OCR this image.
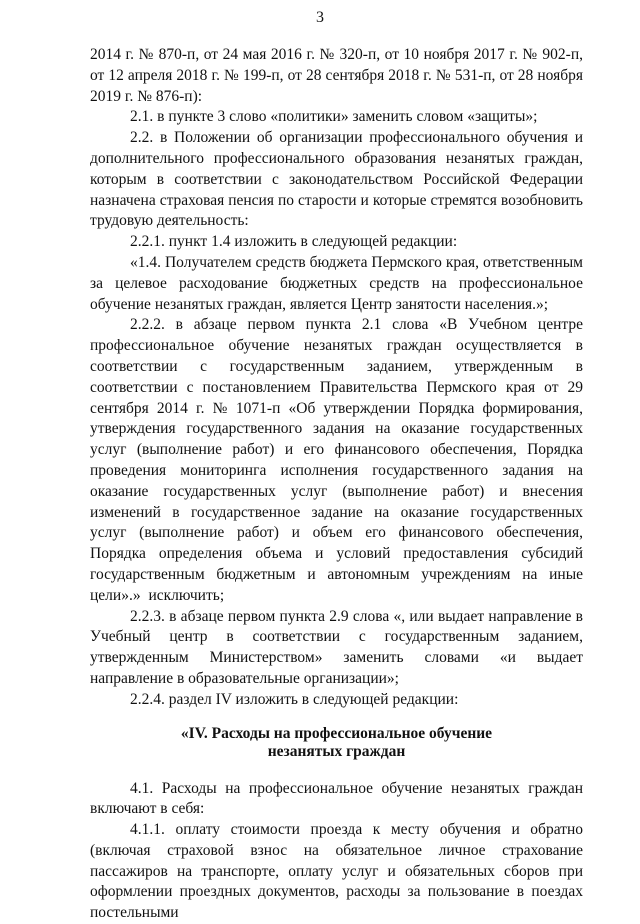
3

2014 г. № 870-п, от 24 мая 2016 г. № 320-п, от 10 ноября 2017 г. № 902-п, от 12 апреля 2018 г. № 199-п, от 28 сентября 2018 г. № 531-п, от 28 ноября 2019 г. № 876-п):

2.1. в пункте 3 слово «политики» заменить словом «защиты»;

2.2. в Положении об организации профессионального обучения и дополнительного профессионального образования незанятых граждан, которым в соответствии с законодательством Российской Федерации назначена страховая пенсия по старости и которые стремятся возобновить трудовую деятельность:

2.2.1. пункт 1.4 изложить в следующей редакции:

«1.4. Получателем средств бюджета Пермского края, ответственным за целевое расходование бюджетных средств на профессиональное обучение незанятых граждан, является Центр занятости населения.»;

2.2.2. в абзаце первом пункта 2.1 слова «В Учебном центре профессиональное обучение незанятых граждан осуществляется в соответствии с государственным заданием, утвержденным в соответствии с постановлением Правительства Пермского края от 29 сентября 2014 г. № 1071-п «Об утверждении Порядка формирования, утверждения государственного задания на оказание государственных услуг (выполнение работ) и его финансового обеспечения, Порядка проведения мониторинга исполнения государственного задания на оказание государственных услуг (выполнение работ) и внесения изменений в государственное задание на оказание государственных услуг (выполнение работ) и объем его финансового обеспечения, Порядка определения объема и условий предоставления субсидий государственным бюджетным и автономным учреждениям на иные цели».» исключить;

2.2.3. в абзаце первом пункта 2.9 слова «, или выдает направление в Учебный центр в соответствии с государственным заданием, утвержденным Министерством» заменить словами «и выдает направление в образовательные организации»;

2.2.4. раздел IV изложить в следующей редакции:

«IV. Расходы на профессиональное обучение
незанятых граждан

4.1. Расходы на профессиональное обучение незанятых граждан включают в себя:

4.1.1. оплату стоимости проезда к месту обучения и обратно (включая страховой взнос на обязательное личное страхование пассажиров на транспорте, оплату услуг и обязательных сборов при оформлении проездных документов, расходы за пользование в поездах постельными
